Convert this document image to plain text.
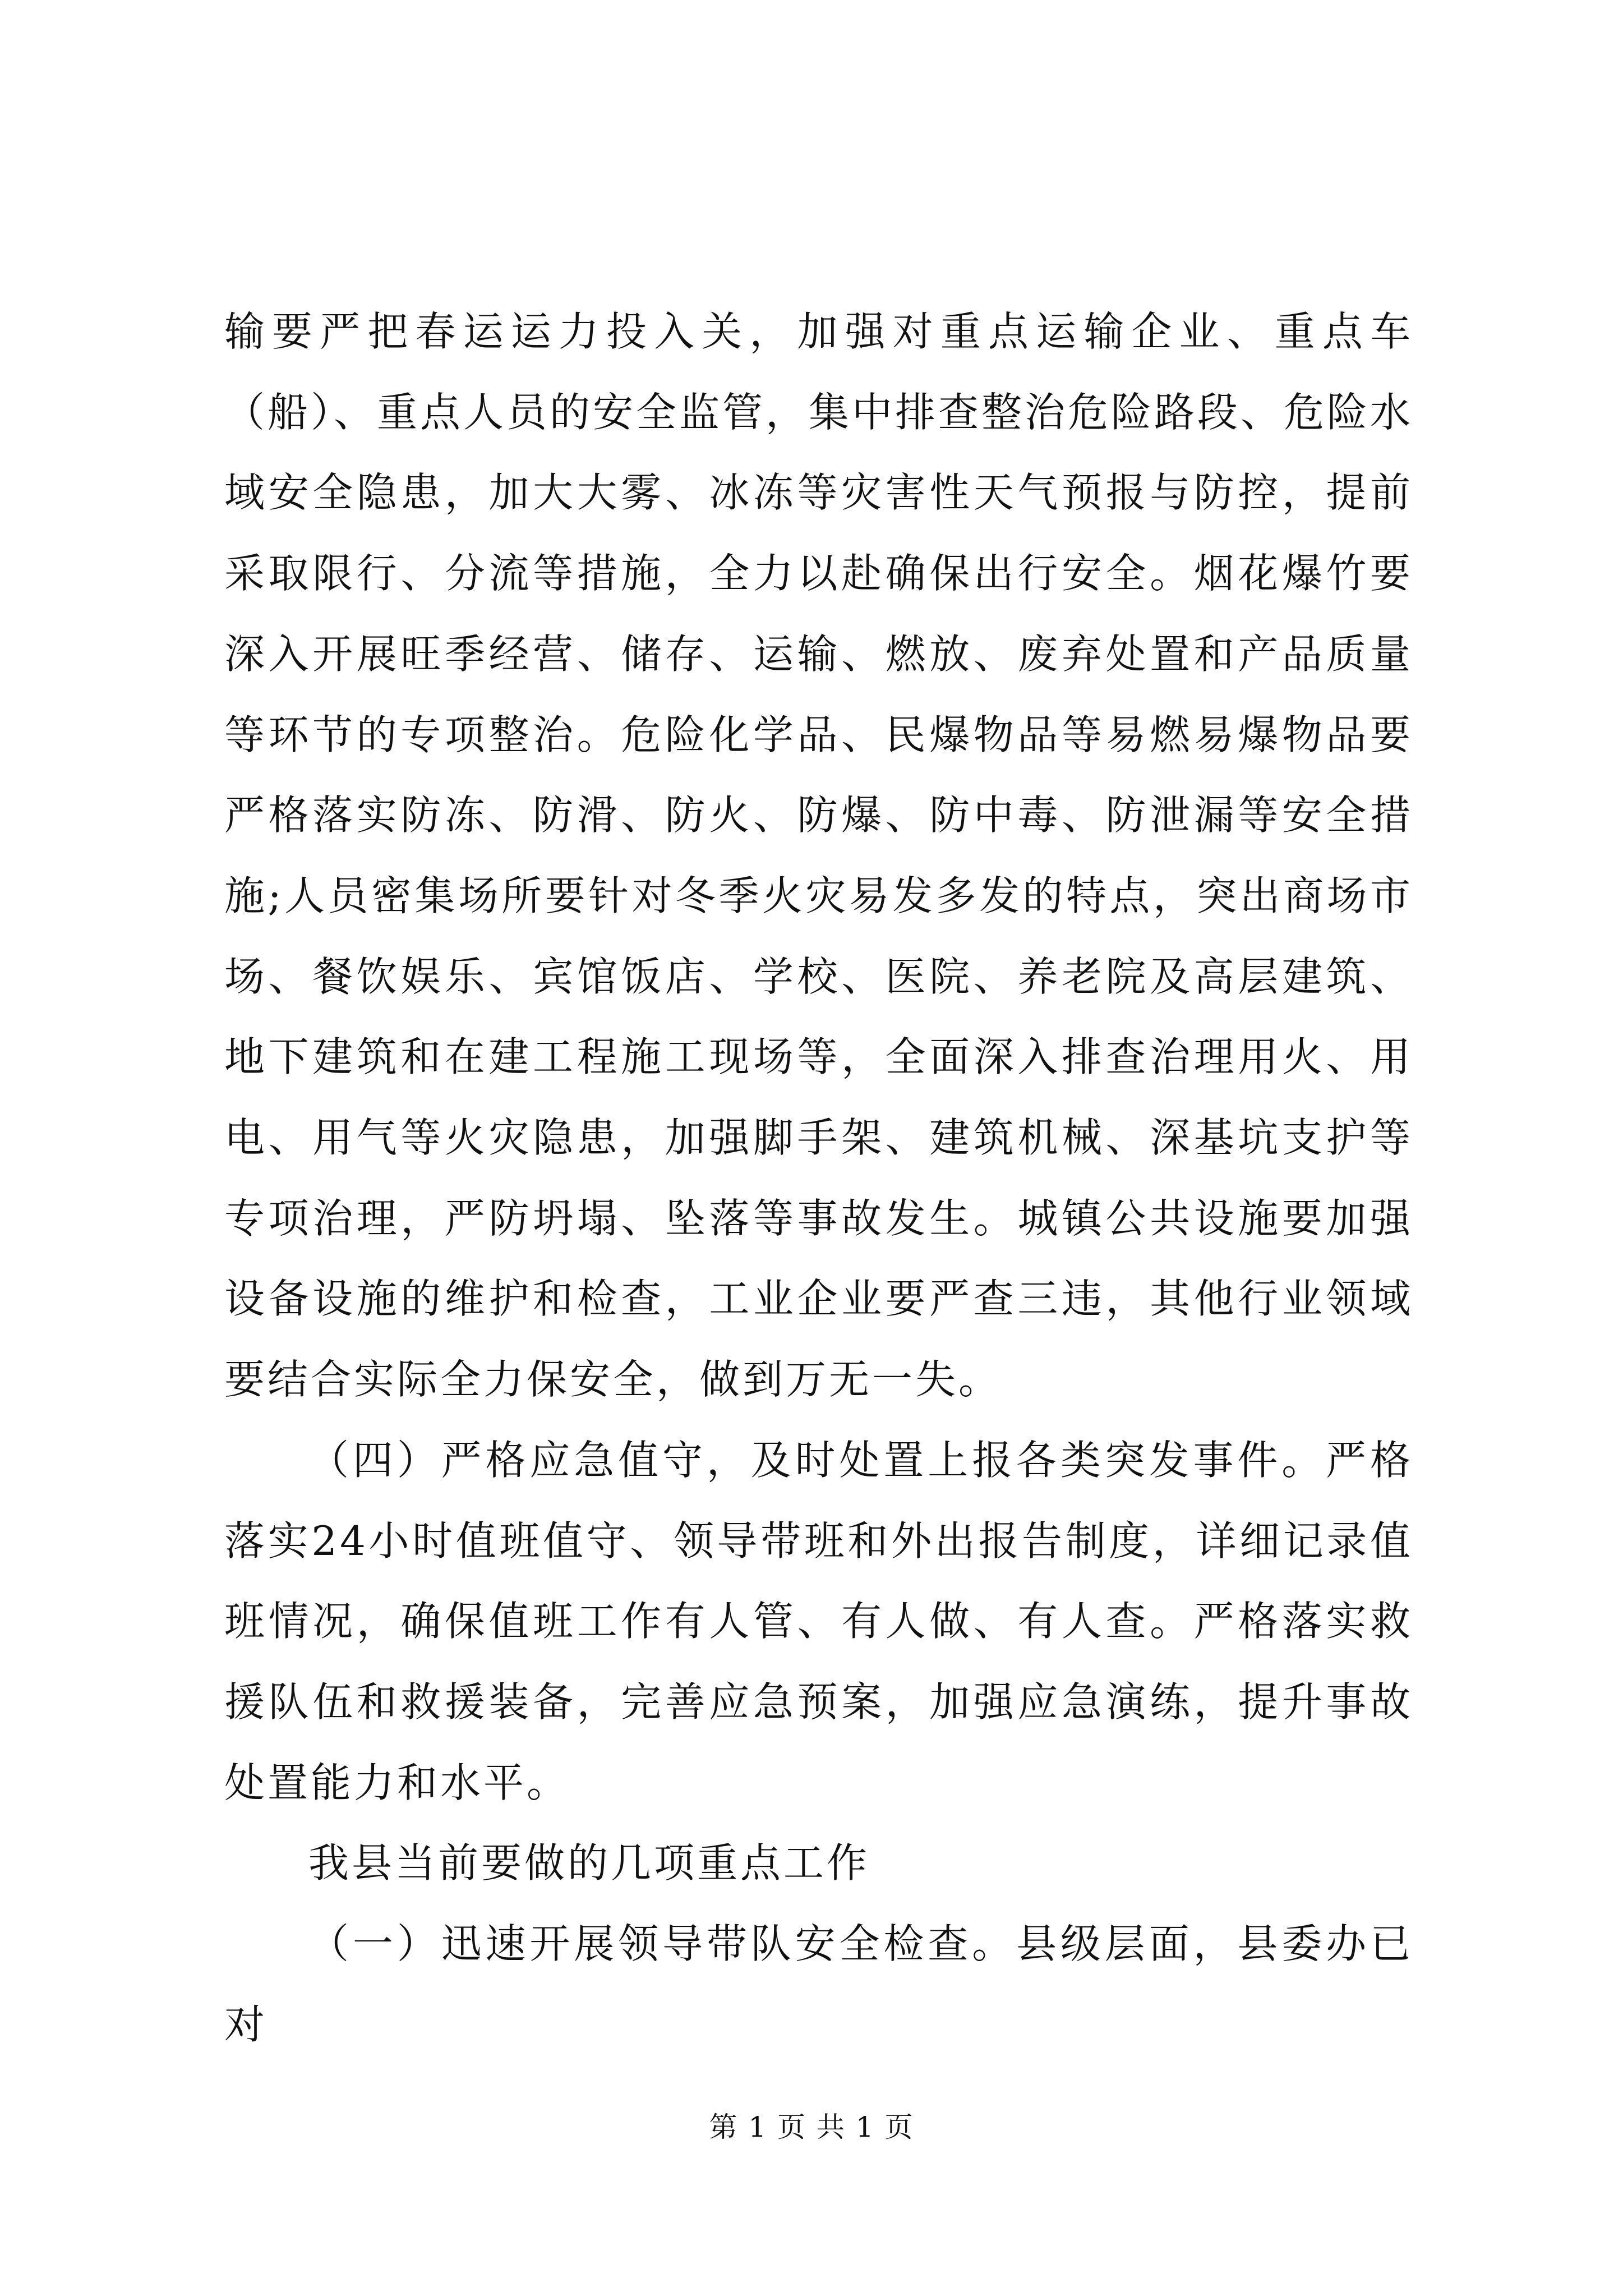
输要严把春运运力投入关，加强对重点运输企业、重点车（船）、重点人员的安全监管，集中排查整治危险路段、危险水域安全隐患，加大大雾、冰冻等灾害性天气预报与防控，提前采取限行、分流等措施，全力以赴确保出行安全。烟花爆竹要深入开展旺季经营、储存、运输、燃放、废弃处置和产品质量等环节的专项整治。危险化学品、民爆物品等易燃易爆物品要严格落实防冻、防滑、防火、防爆、防中毒、防泄漏等安全措施;人员密集场所要针对冬季火灾易发多发的特点，突出商场市场、餐饮娱乐、宾馆饭店、学校、医院、养老院及高层建筑、地下建筑和在建工程施工现场等，全面深入排查治理用火、用电、用气等火灾隐患，加强脚手架、建筑机械、深基坑支护等专项治理，严防坍塌、坠落等事故发生。城镇公共设施要加强设备设施的维护和检查，工业企业要严查三违，其他行业领域要结合实际全力保安全，做到万无一失。

（四）严格应急值守，及时处置上报各类突发事件。严格落实24小时值班值守、领导带班和外出报告制度，详细记录值班情况，确保值班工作有人管、有人做、有人查。严格落实救援队伍和救援装备，完善应急预案，加强应急演练，提升事故处置能力和水平。

我县当前要做的几项重点工作

（一）迅速开展领导带队安全检查。县级层面，县委办已对

第 1 页 共 1 页
